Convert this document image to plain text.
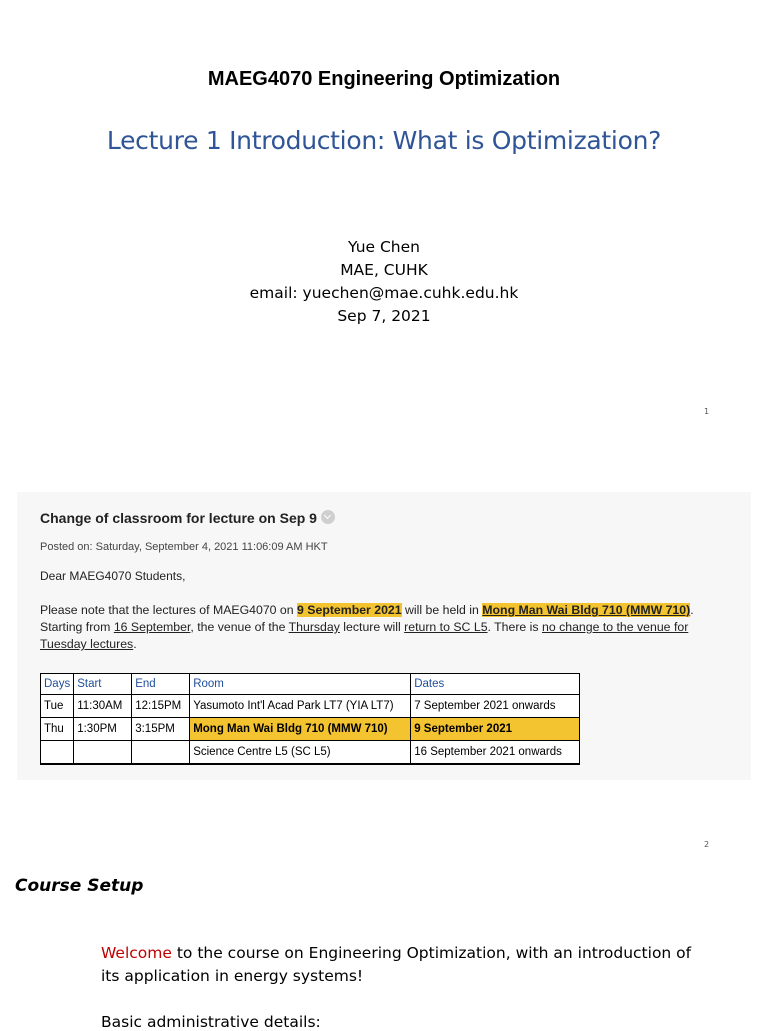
MAEG4070 Engineering Optimization
Lecture 1 Introduction: What is Optimization?
Yue Chen
MAE, CUHK
email: yuechen@mae.cuhk.edu.hk
Sep 7, 2021
1
Change of classroom for lecture on Sep 9
Posted on: Saturday, September 4, 2021 11:06:09 AM HKT
Dear MAEG4070 Students,
Please note that the lectures of MAEG4070 on 9 September 2021 will be held in Mong Man Wai Bldg 710 (MMW 710). Starting from 16 September, the venue of the Thursday lecture will return to SC L5. There is no change to the venue for Tuesday lectures.
Days	Start	End	Room	Dates
Tue	11:30AM	12:15PM	Yasumoto Int'l Acad Park LT7 (YIA LT7)	7 September 2021 onwards
Thu	1:30PM	3:15PM	Mong Man Wai Bldg 710 (MMW 710)	9 September 2021
			Science Centre L5 (SC L5)	16 September 2021 onwards
2
Course Setup
Welcome to the course on Engineering Optimization, with an introduction of its application in energy systems!
Basic administrative details:
